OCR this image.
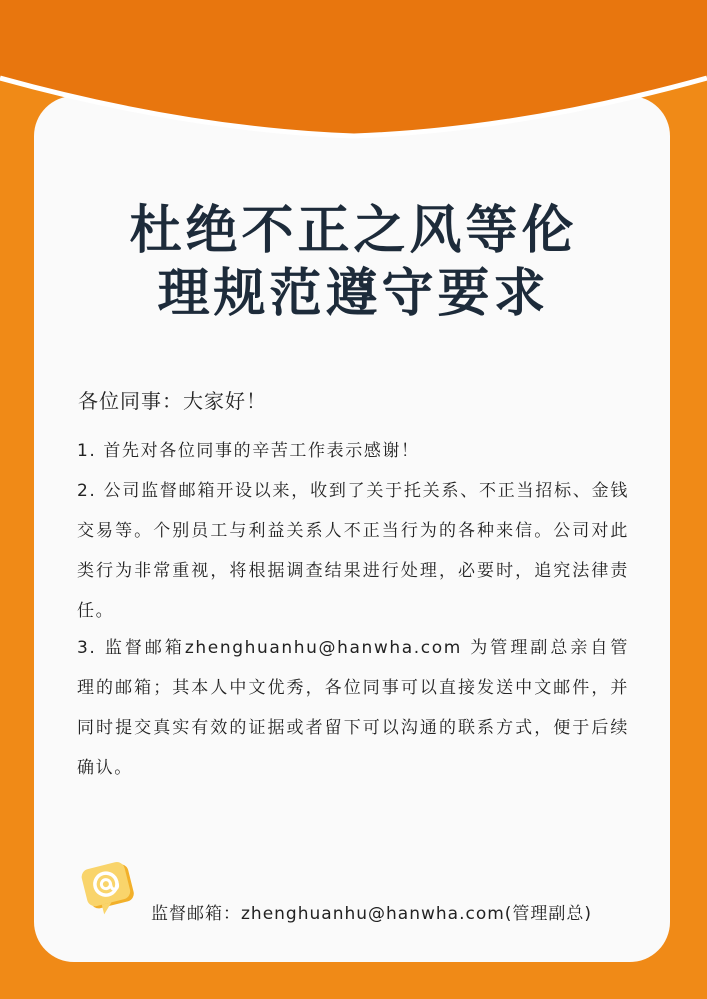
杜绝不正之风等伦
理规范遵守要求
各位同事：大家好！
1. 首先对各位同事的辛苦工作表示感谢！
2. 公司监督邮箱开设以来，收到了关于托关系、不正当招标、金钱交易等。个别员工与利益关系人不正当行为的各种来信。公司对此类行为非常重视，将根据调查结果进行处理，必要时，追究法律责任。
3. 监督邮箱zhenghuanhu@hanwha.com 为管理副总亲自管理的邮箱；其本人中文优秀，各位同事可以直接发送中文邮件，并同时提交真实有效的证据或者留下可以沟通的联系方式，便于后续确认。
监督邮箱：zhenghuanhu@hanwha.com(管理副总)
